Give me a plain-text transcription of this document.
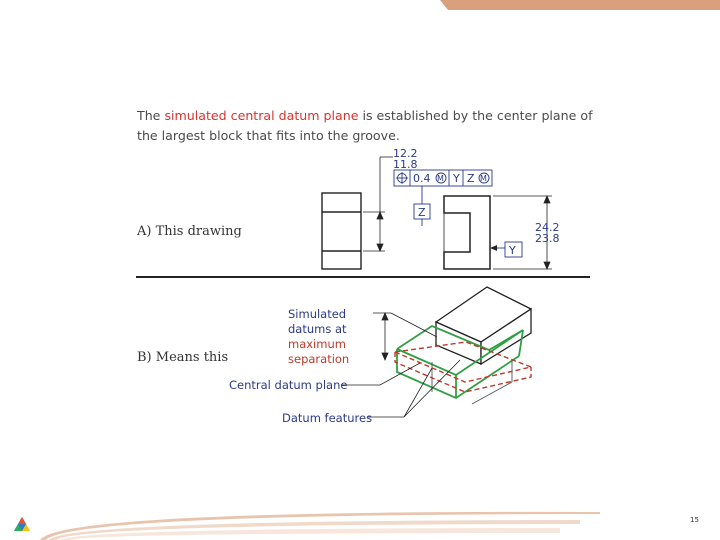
The simulated central datum plane is established by the center plane of the largest block that fits into the groove.
A) This drawing
12.2
11.8
0.4 M Y Z M
Z
Y
24.2
23.8
B) Means this
Simulated
datums at
maximum
separation
Central datum plane
Datum features
15
